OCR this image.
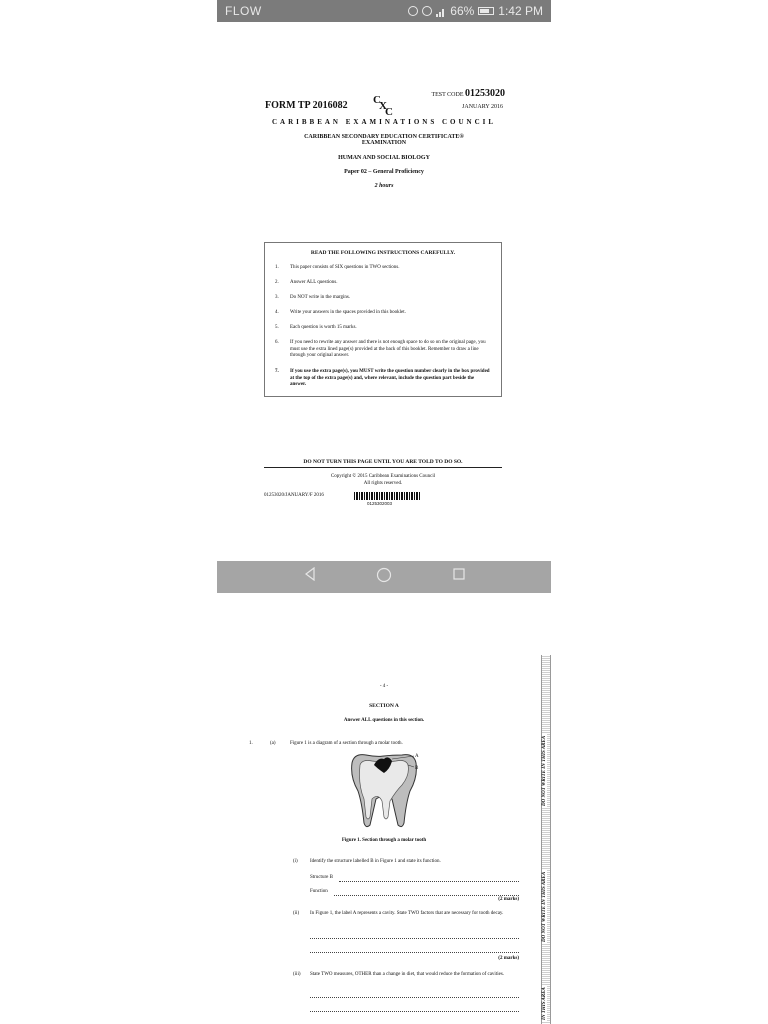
FLOW	66% 1:42 PM
FORM TP 2016082 C
X
C
TEST CODE 01253020
JANUARY 2016
CARIBBEAN EXAMINATIONS COUNCIL
CARIBBEAN SECONDARY EDUCATION CERTIFICATE®
EXAMINATION
HUMAN AND SOCIAL BIOLOGY
Paper 02 – General Proficiency
2 hours
READ THE FOLLOWING INSTRUCTIONS CAREFULLY.
1.	This paper consists of SIX questions in TWO sections.
2.	Answer ALL questions.
3.	Do NOT write in the margins.
4.	Write your answers in the spaces provided in this booklet.
5.	Each question is worth 15 marks.
6.	If you need to rewrite any answer and there is not enough space to do so on the original page, you must use the extra lined page(s) provided at the back of this booklet. Remember to draw a line through your original answer.
7.	If you use the extra page(s), you MUST write the question number clearly in the box provided at the top of the extra page(s) and, where relevant, include the question part beside the answer.
DO NOT TURN THIS PAGE UNTIL YOU ARE TOLD TO DO SO.
Copyright © 2015 Caribbean Examinations Council
All rights reserved.
01253020/JANUARY/F 2016
0125302003
- 4 -
SECTION A
Answer ALL questions in this section.
1.	(a)	Figure 1 is a diagram of a section through a molar tooth.
A
B
Figure 1. Section through a molar tooth
(i) Identify the structure labelled B in Figure 1 and state its function.
Structure B
Function
(2 marks)
(ii) In Figure 1, the label A represents a cavity. State TWO factors that are necessary for tooth decay.
(2 marks)
(iii) State TWO measures, OTHER than a change in diet, that would reduce the formation of cavities.
DO NOT WRITE IN THIS AREA
DO NOT WRITE IN THIS AREA
IN THIS AREA
